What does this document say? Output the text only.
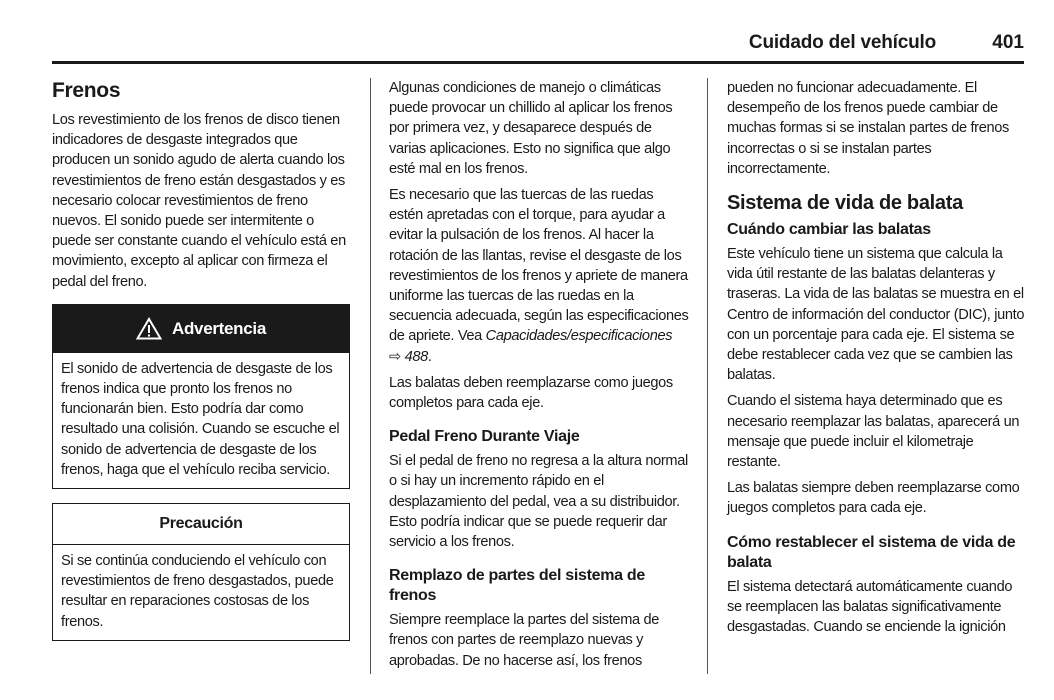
Cuidado del vehículo	401
Frenos

Los revestimiento de los frenos de disco tienen indicadores de desgaste integrados que producen un sonido agudo de alerta cuando los revestimientos de freno están desgastados y es necesario colocar revestimientos de freno nuevos. El sonido puede ser intermitente o puede ser constante cuando el vehículo está en movimiento, excepto al aplicar con firmeza el pedal del freno.

Advertencia

El sonido de advertencia de desgaste de los frenos indica que pronto los frenos no funcionarán bien. Esto podría dar como resultado una colisión. Cuando se escuche el sonido de advertencia de desgaste de los frenos, haga que el vehículo reciba servicio.

Precaución

Si se continúa conduciendo el vehículo con revestimientos de freno desgastados, puede resultar en reparaciones costosas de los frenos.

Algunas condiciones de manejo o climáticas puede provocar un chillido al aplicar los frenos por primera vez, y desaparece después de varias aplicaciones. Esto no significa que algo esté mal en los frenos.

Es necesario que las tuercas de las ruedas estén apretadas con el torque, para ayudar a evitar la pulsación de los frenos. Al hacer la rotación de las llantas, revise el desgaste de los revestimientos de los frenos y apriete de manera uniforme las tuercas de las ruedas en la secuencia adecuada, según las especificaciones de apriete. Vea Capacidades/especificaciones
⇨ 488.

Las balatas deben reemplazarse como juegos completos para cada eje.

Pedal Freno Durante Viaje

Si el pedal de freno no regresa a la altura normal o si hay un incremento rápido en el desplazamiento del pedal, vea a su distribuidor. Esto podría indicar que se puede requerir dar servicio a los frenos.

Remplazo de partes del sistema de frenos

Siempre reemplace la partes del sistema de frenos con partes de reemplazo nuevas y aprobadas. De no hacerse así, los frenos

pueden no funcionar adecuadamente. El desempeño de los frenos puede cambiar de muchas formas si se instalan partes de frenos incorrectas o si se instalan partes incorrectamente.

Sistema de vida de balata
Cuándo cambiar las balatas

Este vehículo tiene un sistema que calcula la vida útil restante de las balatas delanteras y traseras. La vida de las balatas se muestra en el Centro de información del conductor (DIC), junto con un porcentaje para cada eje. El sistema se debe restablecer cada vez que se cambien las balatas.

Cuando el sistema haya determinado que es necesario reemplazar las balatas, aparecerá un mensaje que puede incluir el kilometraje restante.

Las balatas siempre deben reemplazarse como juegos completos para cada eje.

Cómo restablecer el sistema de vida de balata

El sistema detectará automáticamente cuando se reemplacen las balatas significativamente desgastadas. Cuando se enciende la ignición
